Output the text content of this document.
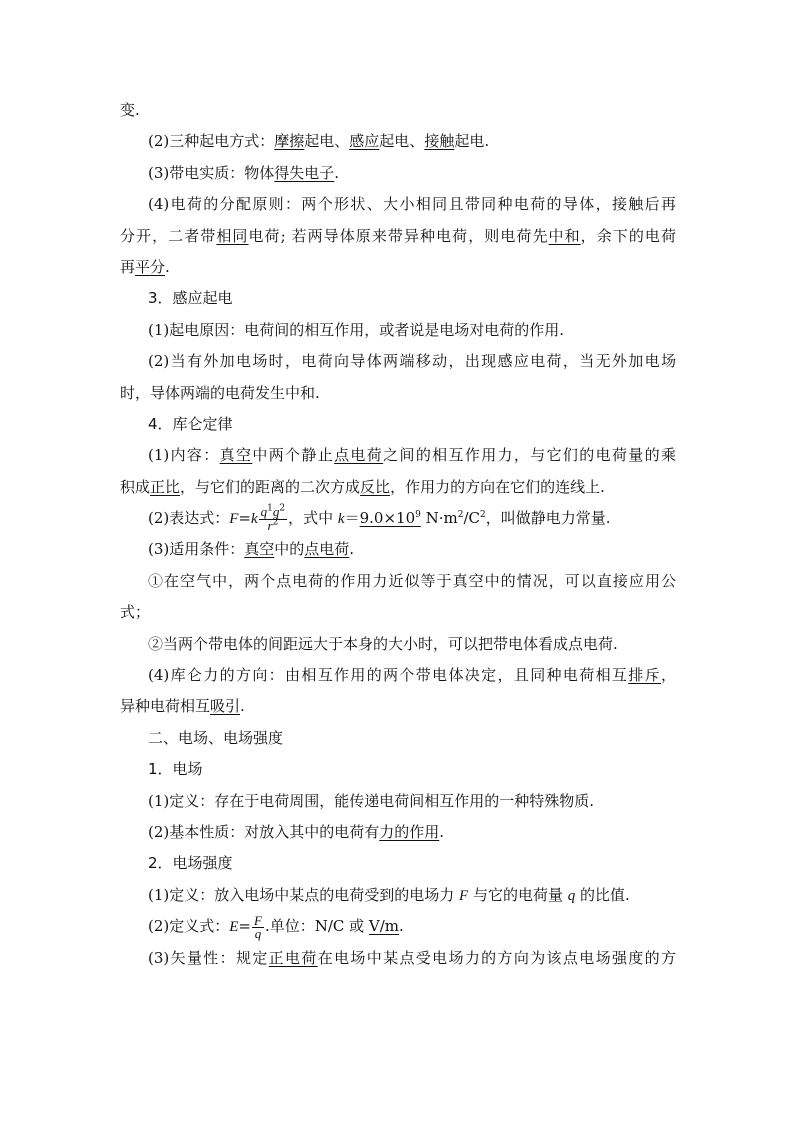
变.
(2)三种起电方式：摩擦起电、感应起电、接触起电.
(3)带电实质：物体得失电子.
(4)电荷的分配原则：两个形状、大小相同且带同种电荷的导体，接触后再
分开，二者带相同电荷; 若两导体原来带异种电荷，则电荷先中和，余下的电荷
再平分.
3．感应起电
(1)起电原因：电荷间的相互作用，或者说是电场对电荷的作用.
(2)当有外加电场时，电荷向导体两端移动，出现感应电荷，当无外加电场
时，导体两端的电荷发生中和.
4．库仑定律
(1)内容：真空中两个静止点电荷之间的相互作用力，与它们的电荷量的乘
积成正比，与它们的距离的二次方成反比，作用力的方向在它们的连线上.
(2)表达式：$F=k \frac{q^1q^2}{r^2}$ ，式中 $k=9.0\times 10^9$ $N\cdot m^2/C^2$，叫做静电力常量.
(3)适用条件：真空中的点电荷.
①在空气中，两个点电荷的作用力近似等于真空中的情况，可以直接应用公
式；
②当两个带电体的间距远大于本身的大小时，可以把带电体看成点电荷.
(4)库仑力的方向：由相互作用的两个带电体决定，且同种电荷相互排斥，
异种电荷相互吸引.
二、电场、电场强度
1．电场
(1)定义：存在于电荷周围，能传递电荷间相互作用的一种特殊物质.
(2)基本性质：对放入其中的电荷有力的作用.
2．电场强度
(1)定义：放入电场中某点的电荷受到的电场力 F 与它的电荷量 q 的比值.
(2)定义式：$E= \frac{F}{q}$ .单位：N/C 或 V/m.
(3)矢量性：规定正电荷在电场中某点受电场力的方向为该点电场强度的方
